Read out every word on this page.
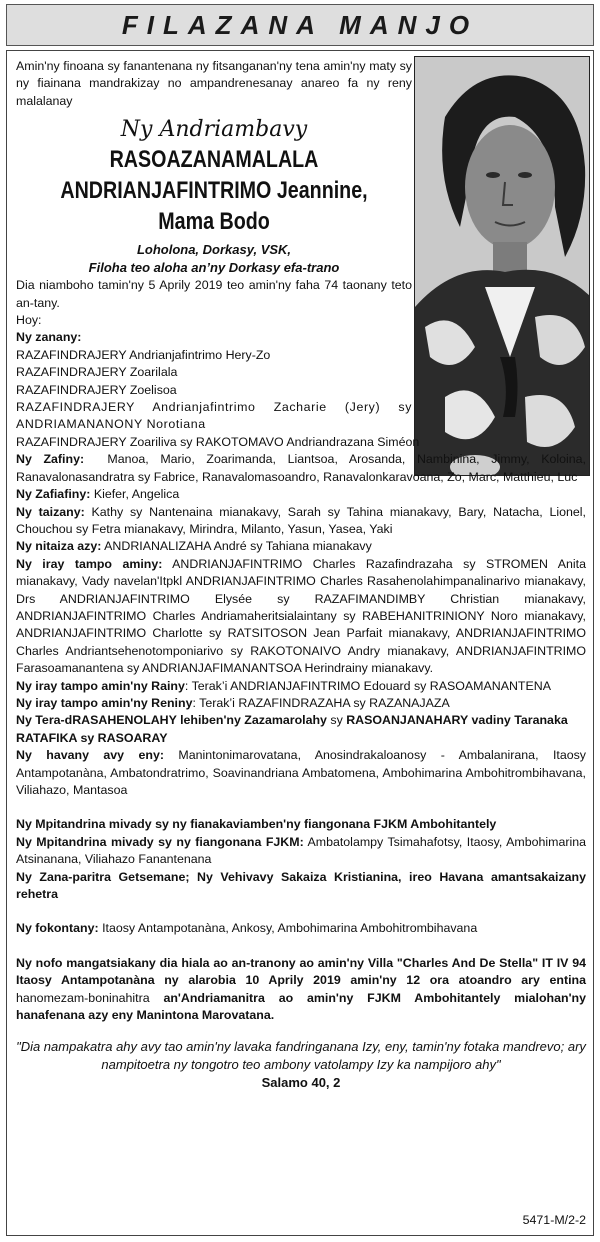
FILAZANA MANJO
Amin'ny finoana sy fanantenana ny fitsanganan'ny tena amin'ny maty sy ny fiainana mandrakizay no ampandrenesanay anareo fa ny reny malalanay
Ny Andriambavy
RASOAZANAMALALA
ANDRIANJAFINTRIMO Jeannine,
Mama Bodo
Loholona, Dorkasy, VSK,
Filoha teo aloha an’ny Dorkasy efa-trano
Dia niamboho tamin'ny 5 Aprily 2019 teo amin'ny faha 74 taonany teto an-tany.
Hoy:
Ny zanany:
RAZAFINDRAJERY Andrianjafintrimo Hery-Zo
RAZAFINDRAJERY Zoarilala
RAZAFINDRAJERY Zoelisoa
RAZAFINDRAJERY Andrianjafintrimo Zacharie (Jery) sy ANDRIAMANANONY Norotiana
RAZAFINDRAJERY Zoariliva sy RAKOTOMAVO Andriandrazana Siméon
Ny Zafiny: Manoa, Mario, Zoarimanda, Liantsoa, Arosanda, Nambinina, Jimmy, Koloina, Ranavalonasandratra sy Fabrice, Ranavalomasoandro, Ranavalonkaravoana, Zo, Marc, Matthieu, Luc
Ny Zafiafiny: Kiefer, Angelica
Ny taizany: Kathy sy Nantenaina mianakavy, Sarah sy Tahina mianakavy, Bary, Natacha, Lionel, Chouchou sy Fetra mianakavy, Mirindra, Milanto, Yasun, Yasea, Yaki
Ny nitaiza azy: ANDRIANALIZAHA André sy Tahiana mianakavy
Ny iray tampo aminy: ANDRIANJAFINTRIMO Charles Razafindrazaha sy STROMEN Anita mianakavy, Vady navelan'Itpkl ANDRIANJAFINTRIMO Charles Rasahenolahimpanalinarivo mianakavy, Drs ANDRIANJAFINTRIMO Elysée sy RAZAFIMANDIMBY Christian mianakavy, ANDRIANJAFINTRIMO Charles Andriamaheritsialaintany sy RABEHANITRINIONY Noro mianakavy, ANDRIANJAFINTRIMO Charlotte sy RATSITOSON Jean Parfait mianakavy, ANDRIANJAFINTRIMO Charles Andriantsehenotomponiarivo sy RAKOTONAIVO Andry mianakavy, ANDRIANJAFINTRIMO Farasoamanantena sy ANDRIANJAFIMANANTSOA Herindrainy mianakavy.
Ny iray tampo amin'ny Rainy: Terak’i ANDRIANJAFINTRIMO Edouard sy RASOAMANANTENA
Ny iray tampo amin'ny Reniny: Terak’i RAZAFINDRAZAHA sy RAZANAJAZA
Ny Tera-dRASAHENOLAHY lehiben'ny Zazamarolahy sy RASOANJANAHARY vadiny Taranaka RATAFIKA sy RASOARAY
Ny havany avy eny: Manintonimarovatana, Anosindrakaloanosy - Ambalanirana, Itaosy Antampotanàna, Ambatondratrimo, Soavinandriana Ambatomena, Ambohimarina Ambohitrombihavana, Viliahazo, Mantasoa
Ny Mpitandrina mivady sy ny fianakaviamben'ny fiangonana FJKM Ambohitantely
Ny Mpitandrina mivady sy ny fiangonana FJKM: Ambatolampy Tsimahafotsy, Itaosy, Ambohimarina Atsinanana, Viliahazo Fanantenana
Ny Zana-paritra Getsemane; Ny Vehivavy Sakaiza Kristianina, ireo Havana amantsakaizany rehetra
Ny fokontany: Itaosy Antampotanàna, Ankosy, Ambohimarina Ambohitrombihavana
Ny nofo mangatsiakany dia hiala ao an-tranony ao amin'ny Villa "Charles And De Stella" IT IV 94 Itaosy Antampotanàna ny alarobia 10 Aprily 2019 amin'ny 12 ora atoandro ary entina hanomezam-boninahitra an'Andriamanitra ao amin'ny FJKM Ambohitantely mialohan'ny hanafenana azy eny Manintona Marovatana.
"Dia nampakatra ahy avy tao amin'ny lavaka fandringanana Izy, eny, tamin'ny fotaka mandrevo; ary nampitoetra ny tongotro teo ambony vatolampy Izy ka nampijoro ahy"
Salamo 40, 2
5471-M/2-2
